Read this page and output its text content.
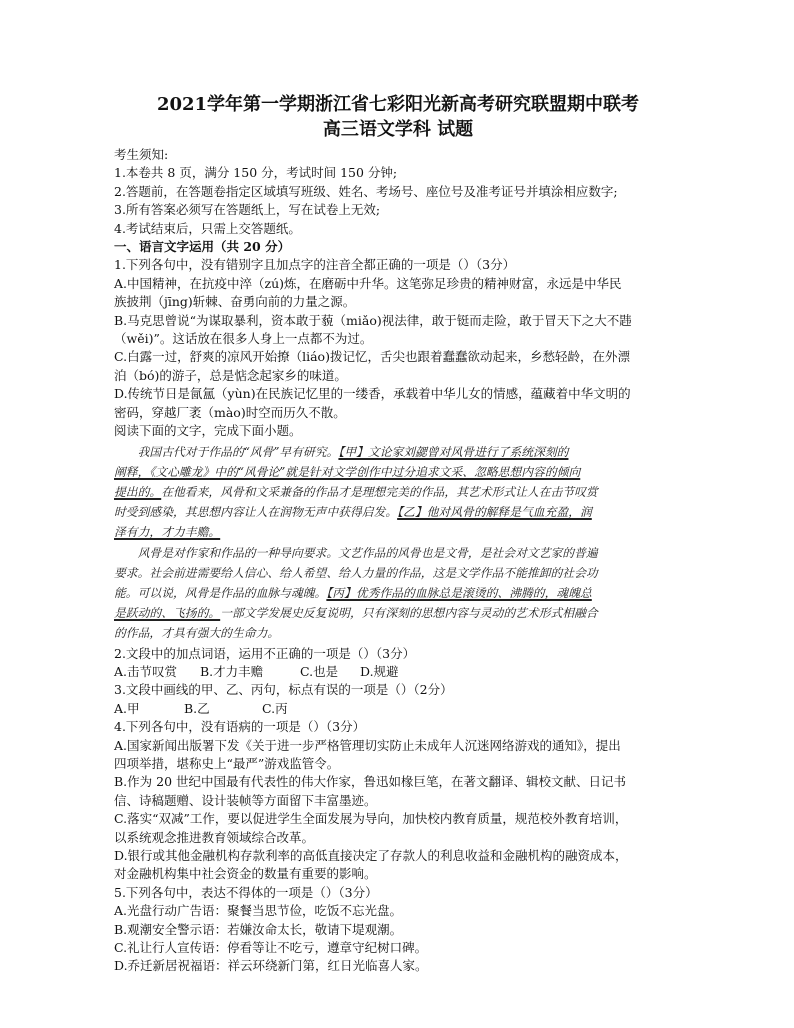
2021学年第一学期浙江省七彩阳光新高考研究联盟期中联考
高三语文学科 试题
考生须知:
1.本卷共 8 页，满分 150 分，考试时间 150 分钟;
2.答题前，在答题卷指定区域填写班级、姓名、考场号、座位号及准考证号并填涂相应数字;
3.所有答案必须写在答题纸上，写在试卷上无效;
4.考试结束后，只需上交答题纸。
一、语言文字运用（共 20 分）
1.下列各句中，没有错别字且加点字的注音全都正确的一项是（）（3分）
A.中国精神，在抗疫中淬（zú)炼，在磨砺中升华。这笔弥足珍贵的精神财富，永远是中华民
族披荆（jīng)斩棘、奋勇向前的力量之源。
B.马克思曾说“为谋取暴利，资本敢于藐（miǎo)视法律，敢于铤而走险，敢于冒天下之大不韪
（wěi)”。这话放在很多人身上一点都不为过。
C.白露一过，舒爽的凉风开始撩（liáo)拨记忆，舌尖也跟着蠢蠢欲动起来，乡愁轻龄，在外漂
泊（bó)的游子，总是惦念起家乡的味道。
D.传统节日是氤氲（yùn)在民族记忆里的一缕香，承载着中华儿女的情感，蕴藏着中华文明的
密码，穿越厂袤（mào)时空而历久不散。
阅读下面的文字，完成下面小题。
我国古代对于作品的“风骨”早有研究。【甲】文论家刘勰曾对风骨进行了系统深刻的
阐释，《文心雕龙》中的“风骨论”就是针对文学创作中过分追求文采、忽略思想内容的倾向
提出的。在他看来，风骨和文采兼备的作品才是理想完美的作品，其艺术形式让人在击节叹赏
时受到感染，其思想内容让人在润物无声中获得启发。【乙】他对风骨的解释是气血充盈，润
泽有力，才力丰赡。
风骨是对作家和作品的一种导向要求。文艺作品的风骨也是文骨，是社会对文艺家的普遍
要求。社会前进需要给人信心、给人希望、给人力量的作品，这是文学作品不能推卸的社会功
能。可以说，风骨是作品的血脉与魂魄。【丙】优秀作品的血脉总是滚烫的、沸腾的，魂魄总
是跃动的、飞扬的。一部文学发展史反复说明，只有深刻的思想内容与灵动的艺术形式相融合
的作品，才具有强大的生命力。
2.文段中的加点词语，运用不正确的一项是（）（3分）
A.击节叹赏 B.才力丰赡	C.也是 D.规避
3.文段中画线的甲、乙、丙句，标点有误的一项是（）（2分）
A.甲	B.乙	C.丙
4.下列各句中，没有语病的一项是（）（3分）
A.国家新闻出版署下发《关于进一步严格管理切实防止未成年人沉迷网络游戏的通知》，提出
四项举措，堪称史上“最严”游戏监管令。
B.作为 20 世纪中国最有代表性的伟大作家，鲁迅如椽巨笔，在著文翻译、辑校文献、日记书
信、诗稿题赠、设计装帧等方面留下丰富墨迹。
C.落实“双减”工作，要以促进学生全面发展为导向，加快校内教育质量，规范校外教育培训，
以系统观念推进教育领域综合改革。
D.银行或其他金融机构存款利率的高低直接决定了存款人的利息收益和金融机构的融资成本，
对金融机构集中社会资金的数量有重要的影响。
5.下列各句中，表达不得体的一项是（）（3分）
A.光盘行动广告语：聚餐当思节俭，吃饭不忘光盘。
B.观潮安全警示语：若嫌汝命太长，敬请下堤观潮。
C.礼让行人宣传语：停看等让不吃亏，遵章守纪树口碑。
D.乔迁新居祝福语：祥云环绕新门第，红日光临喜人家。
